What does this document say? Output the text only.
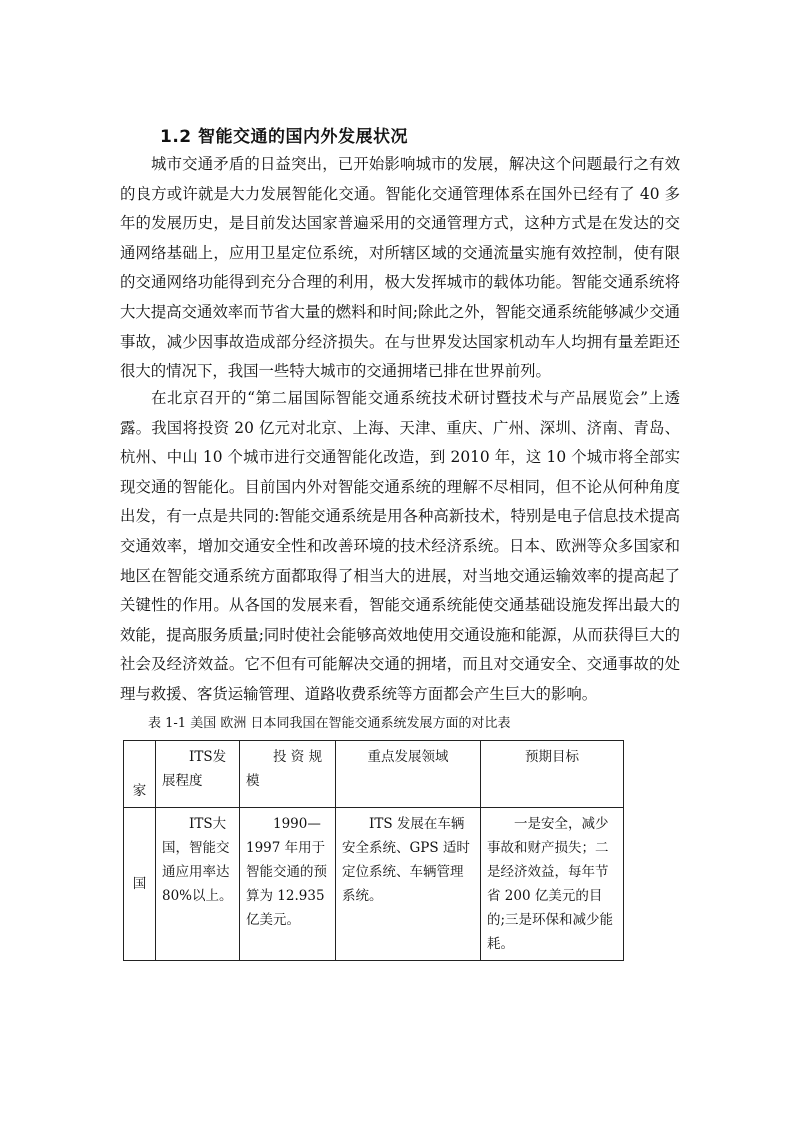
1.2 智能交通的国内外发展状况

城市交通矛盾的日益突出，已开始影响城市的发展，解决这个问题最行之有效的良方或许就是大力发展智能化交通。智能化交通管理体系在国外已经有了 40 多年的发展历史，是目前发达国家普遍采用的交通管理方式，这种方式是在发达的交通网络基础上，应用卫星定位系统，对所辖区域的交通流量实施有效控制，使有限的交通网络功能得到充分合理的利用，极大发挥城市的载体功能。智能交通系统将大大提高交通效率而节省大量的燃料和时间;除此之外，智能交通系统能够减少交通事故，减少因事故造成部分经济损失。在与世界发达国家机动车人均拥有量差距还很大的情况下，我国一些特大城市的交通拥堵已排在世界前列。

在北京召开的“第二届国际智能交通系统技术研讨暨技术与产品展览会”上透露。我国将投资 20 亿元对北京、上海、天津、重庆、广州、深圳、济南、青岛、杭州、中山 10 个城市进行交通智能化改造，到 2010 年，这 10 个城市将全部实现交通的智能化。目前国内外对智能交通系统的理解不尽相同，但不论从何种角度出发，有一点是共同的:智能交通系统是用各种高新技术，特别是电子信息技术提高交通效率，增加交通安全性和改善环境的技术经济系统。日本、欧洲等众多国家和地区在智能交通系统方面都取得了相当大的进展，对当地交通运输效率的提高起了关键性的作用。从各国的发展来看，智能交通系统能使交通基础设施发挥出最大的效能，提高服务质量;同时使社会能够高效地使用交通设施和能源，从而获得巨大的社会及经济效益。它不但有可能解决交通的拥堵，而且对交通安全、交通事故的处理与救援、客货运输管理、道路收费系统等方面都会产生巨大的影响。

表 1-1 美国 欧洲 日本同我国在智能交通系统发展方面的对比表
家	ITS发展程度	投 资 规 模	重点发展领域	预期目标
国	ITS大国，智能交通应用率达 80%以上。	1990—1997 年用于智能交通的预算为 12.935 亿美元。	ITS 发展在车辆安全系统、GPS 适时定位系统、车辆管理系统。	一是安全，减少事故和财产损失；二是经济效益，每年节省 200 亿美元的目的;三是环保和减少能耗。
